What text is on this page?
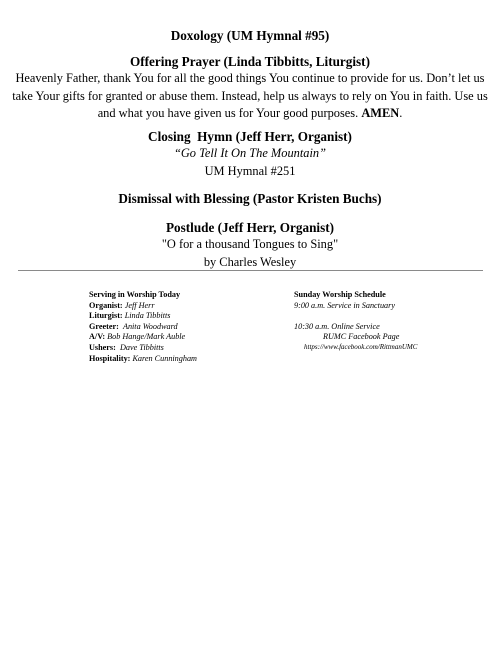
Doxology (UM Hymnal #95)
Offering Prayer (Linda Tibbitts, Liturgist)
Heavenly Father, thank You for all the good things You continue to provide for us. Don’t let us take Your gifts for granted or abuse them. Instead, help us always to rely on You in faith. Use us and what you have given us for Your good purposes. AMEN.
Closing  Hymn (Jeff Herr, Organist)
“Go Tell It On The Mountain”
UM Hymnal #251
Dismissal with Blessing (Pastor Kristen Buchs)
Postlude (Jeff Herr, Organist)
"O for a thousand Tongues to Sing"
by Charles Wesley
Serving in Worship Today
Organist: Jeff Herr
Liturgist: Linda Tibbitts
Greeter: Anita Woodward
A/V: Bob Hange/Mark Auble
Ushers: Dave Tibbitts
Hospitality: Karen Cunningham
Sunday Worship Schedule
9:00 a.m. Service in Sanctuary
10:30 a.m. Online Service
RUMC Facebook Page
https://www.facebook.com/RittmanUMC
